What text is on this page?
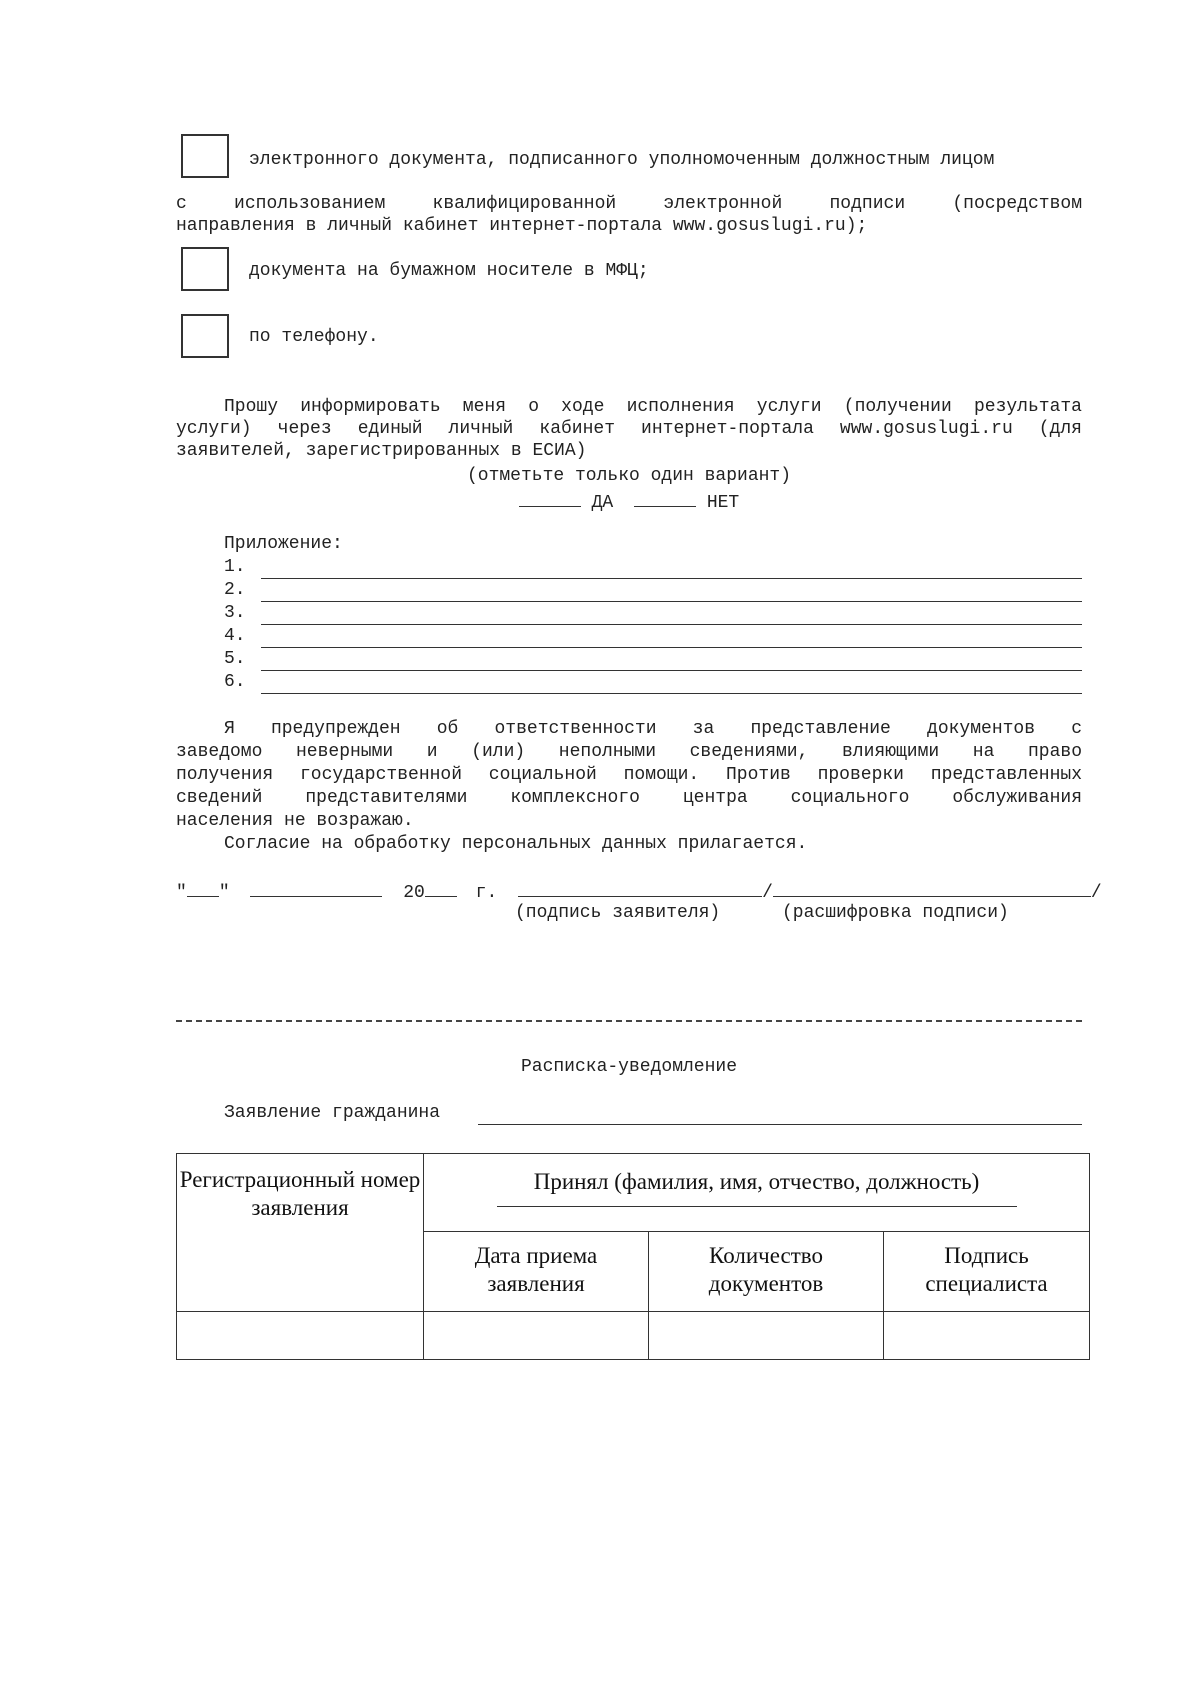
электронного документа, подписанного уполномоченным должностным лицом
с использованием квалифицированной электронной подписи (посредством
направления в личный кабинет интернет-портала www.gosuslugi.ru);
документа на бумажном носителе в МФЦ;
по телефону.
Прошу информировать меня о ходе исполнения услуги (получении результата
услуги) через единый личный кабинет интернет-портала www.gosuslugi.ru (для
заявителей, зарегистрированных в ЕСИА)
(отметьте только один вариант)
ДА	НЕТ
Приложение:
1.
2.
3.
4.
5.
6.
Я предупрежден об ответственности за представление документов с
заведомо неверными и (или) неполными сведениями, влияющими на право
получения государственной социальной помощи. Против проверки представленных
сведений представителями комплексного центра социального обслуживания
населения не возражаю.
Согласие на обработку персональных данных прилагается.
" "	20	г.	/	/
(подпись заявителя)	(расшифровка подписи)
Расписка-уведомление
Заявление гражданина
Регистрационный номер заявления	Принял (фамилия, имя, отчество, должность)		

	Дата приема заявления	Количество документов	Подпись специалиста
